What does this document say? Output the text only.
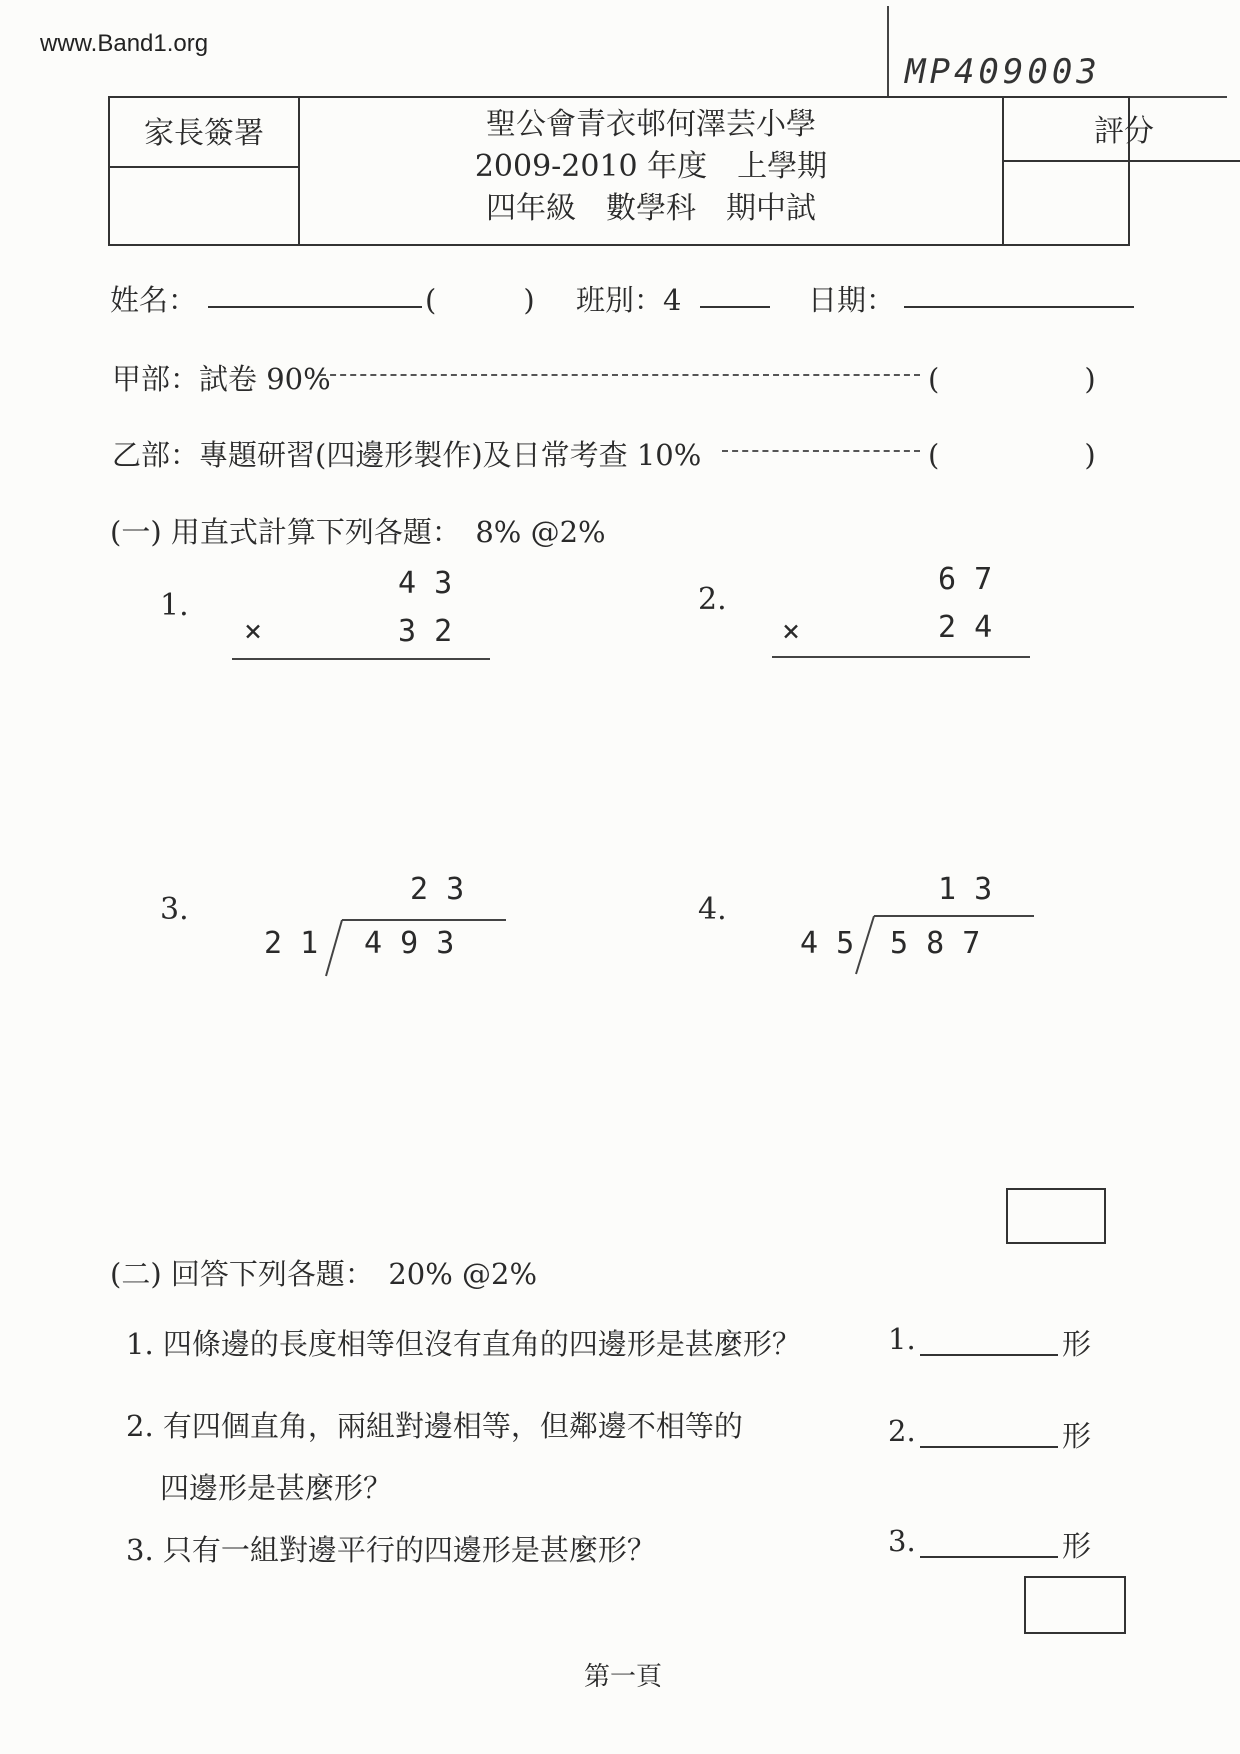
www.Band1.org
MP409003
家長簽署	聖公會青衣邨何澤芸小學
2009-2010 年度　上學期
四年級　數學科　期中試
評分
姓名：	(　　　) 班別：4	日期：
甲部：試卷 90%	(　　　　　)
乙部：專題研習(四邊形製作)及日常考查 10%	(　　　　　)
(一) 用直式計算下列各題：　8% @2%
1.
4 3
×	3 2
2.
6 7
×	2 4
3.
2 3
2 1 4 9 3
4.
1 3
4 5 5 8 7
(二) 回答下列各題：　20% @2%
1. 四條邊的長度相等但沒有直角的四邊形是甚麼形？	1.	形
2. 有四個直角，兩組對邊相等，但鄰邊不相等的
四邊形是甚麼形？
2.	形
3. 只有一組對邊平行的四邊形是甚麼形？	3.	形
第一頁
